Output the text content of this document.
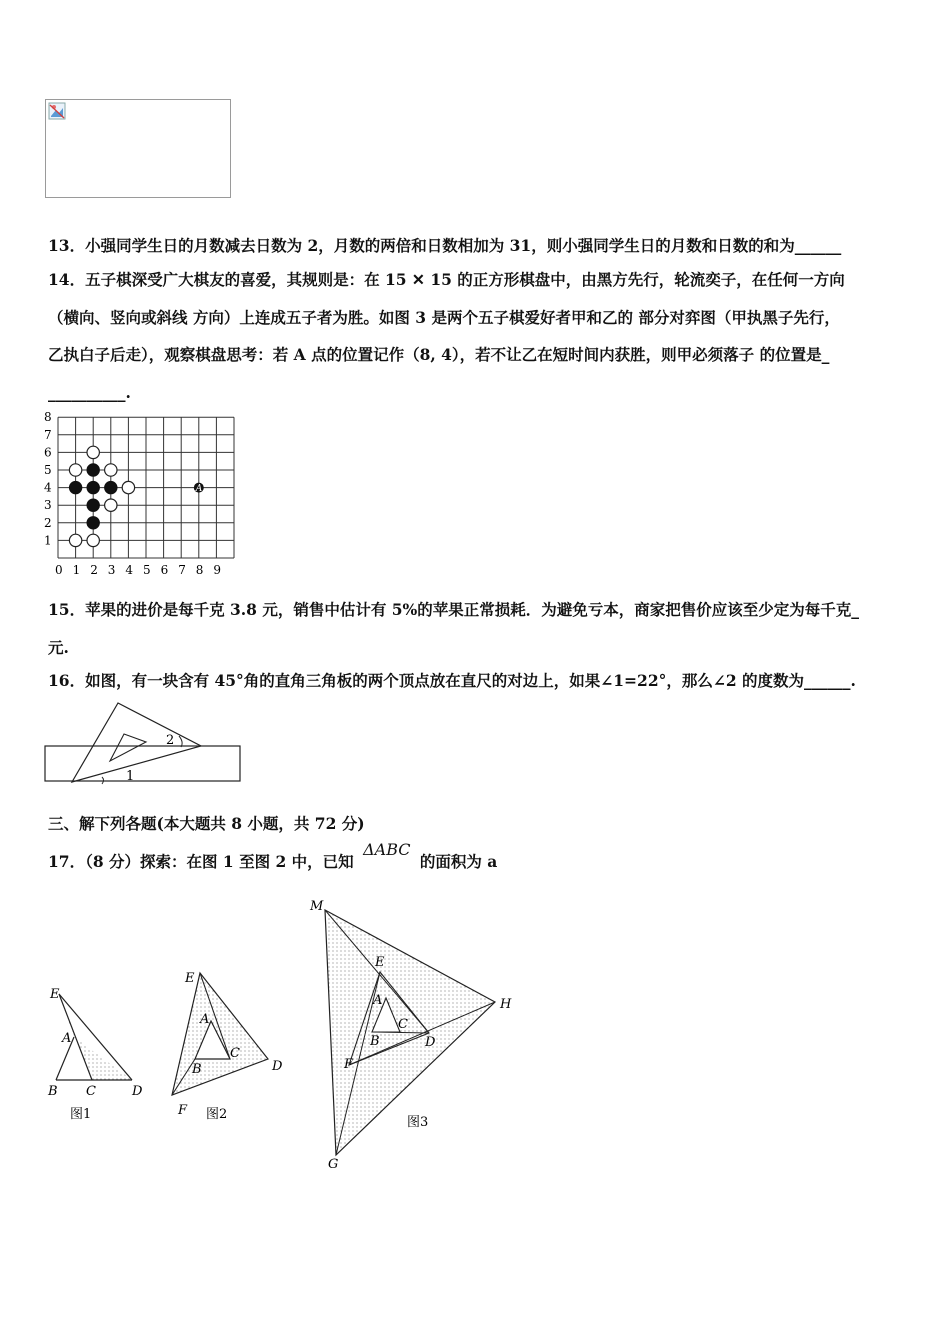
13．小强同学生日的月数减去日数为 2，月数的两倍和日数相加为 31，则小强同学生日的月数和日数的和为______
14．五子棋深受广大棋友的喜爱，其规则是：在 15 ✕ 15 的正方形棋盘中，由黑方先行，轮流奕子，在任何一方向
（横向、竖向或斜线 方向）上连成五子者为胜。如图 3 是两个五子棋爱好者甲和乙的 部分对弈图（甲执黑子先行，
乙执白子后走），观察棋盘思考：若 A 点的位置记作（8, 4），若不让乙在短时间内获胜，则甲必须落子 的位置是_
__________.
0 1 2 3 4 5 6 7 8 9
1
2
3
4
5
6
7
8
A
15．苹果的进价是每千克 3.8 元，销售中估计有 5%的苹果正常损耗．为避免亏本，商家把售价应该至少定为每千克_
元.
16．如图，有一块含有 45°角的直角三角板的两个顶点放在直尺的对边上，如果∠1=22°，那么∠2 的度数为______.
2
1
三、解下列各题(本大题共 8 小题，共 72 分)
17．（8 分）探索：在图 1 至图 2 中，已知 ΔABC 的面积为 a
E
A
B C	D
图1
E
A
B
C
D
F 图2
M
E
A
B
C
D
H
F
G
图3
